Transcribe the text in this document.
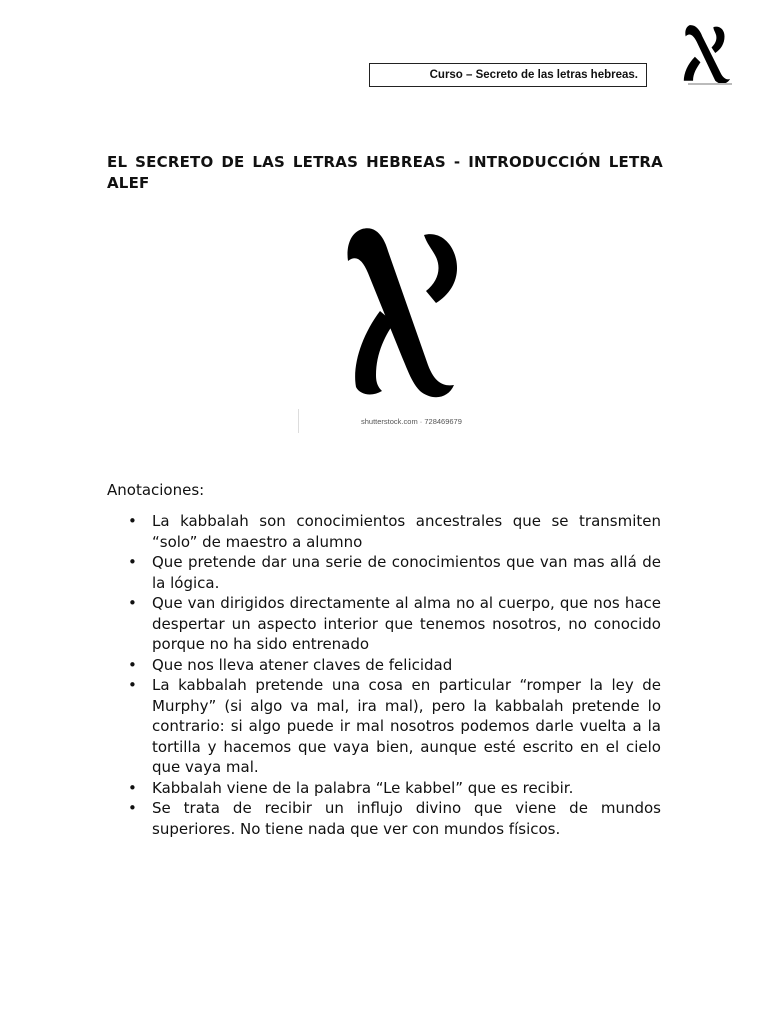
Curso – Secreto de las letras hebreas.
EL SECRETO DE LAS LETRAS HEBREAS - INTRODUCCIÓN LETRA ALEF
shutterstock.com · 728469679
Anotaciones:
• La kabbalah son conocimientos ancestrales que se transmiten “solo” de maestro a alumno
• Que pretende dar una serie de conocimientos que van mas allá de la lógica.
• Que van dirigidos directamente al alma no al cuerpo, que nos hace despertar un aspecto interior que tenemos nosotros, no conocido porque no ha sido entrenado
• Que nos lleva atener claves de felicidad
• La kabbalah pretende una cosa en particular “romper la ley de Murphy” (si algo va mal, ira mal), pero la kabbalah pretende lo contrario: si algo puede ir mal nosotros podemos darle vuelta a la tortilla y hacemos que vaya bien, aunque esté escrito en el cielo que vaya mal.
• Kabbalah viene de la palabra “Le kabbel” que es recibir.
• Se trata de recibir un influjo divino que viene de mundos superiores. No tiene nada que ver con mundos físicos.
